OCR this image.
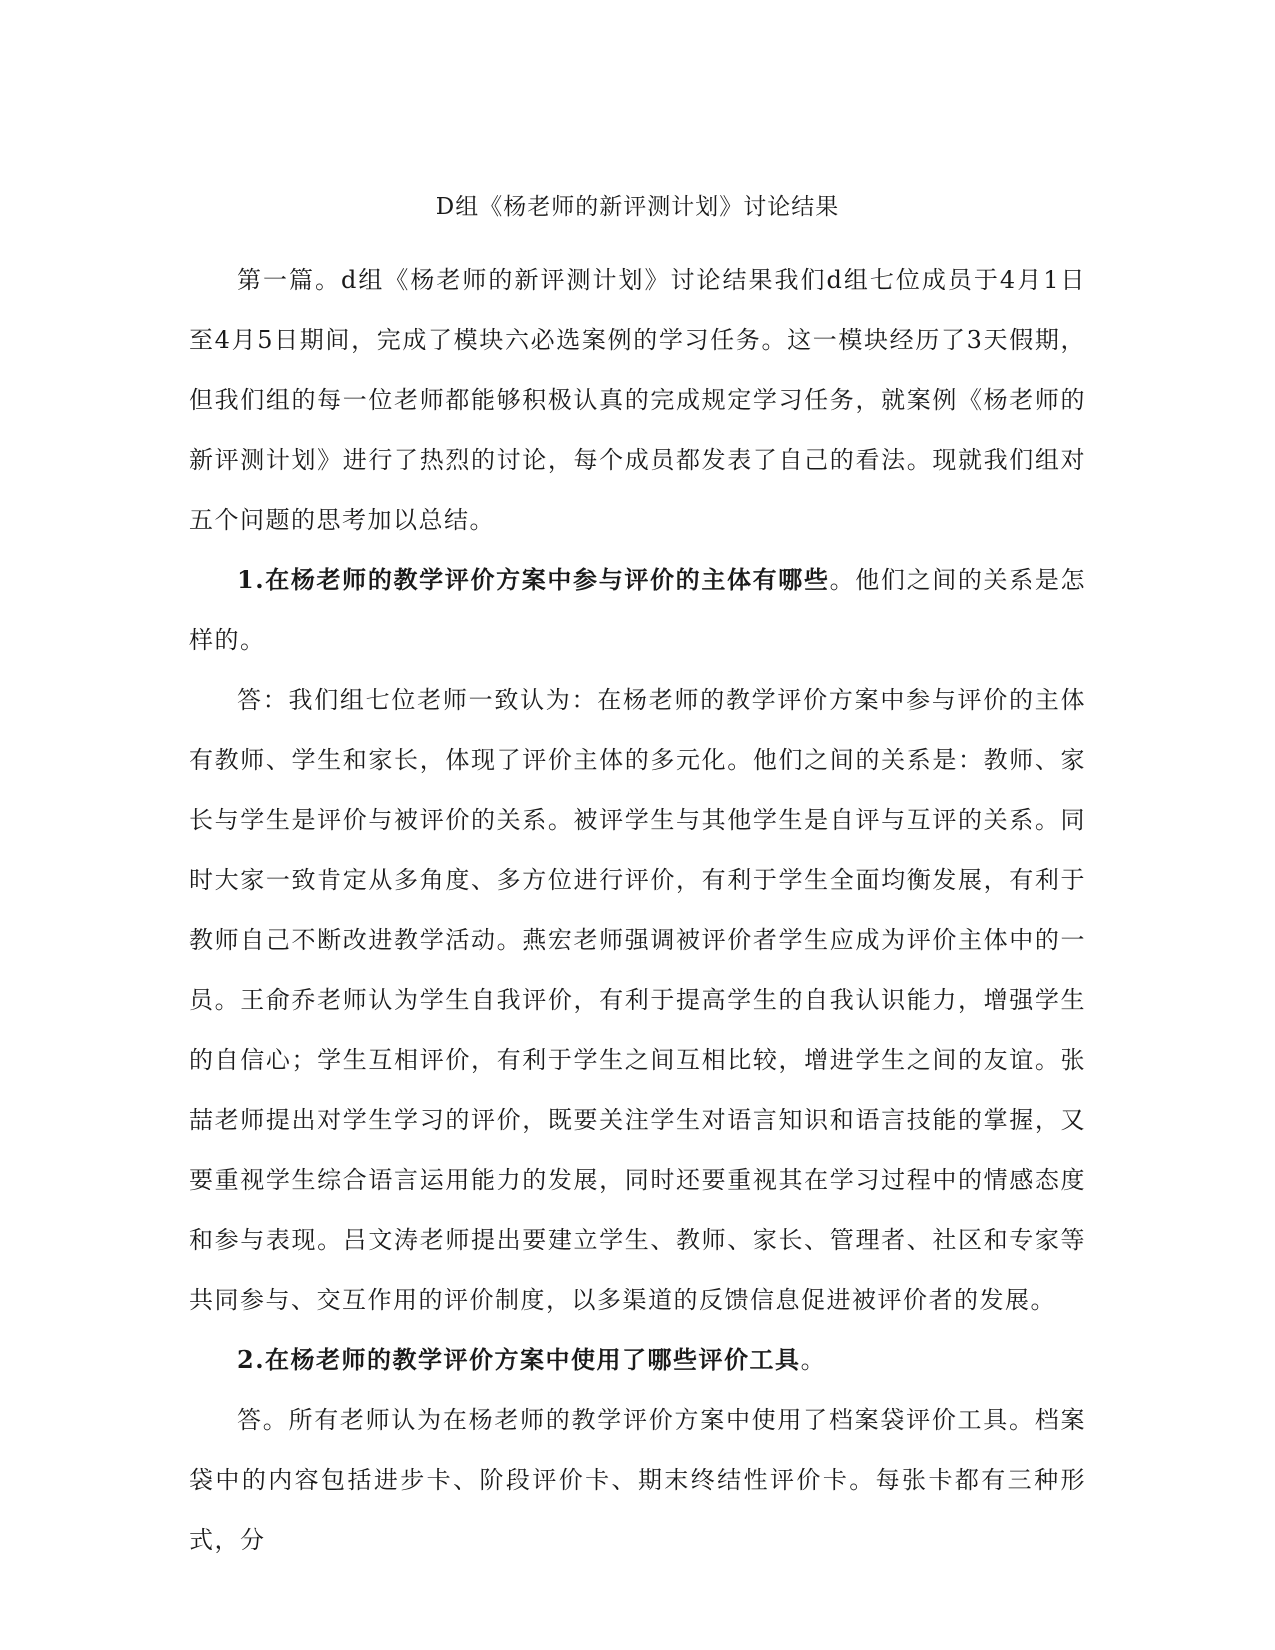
D组《杨老师的新评测计划》讨论结果

第一篇。d组《杨老师的新评测计划》讨论结果我们d组七位成员于4月1日至4月5日期间，完成了模块六必选案例的学习任务。这一模块经历了3天假期，但我们组的每一位老师都能够积极认真的完成规定学习任务，就案例《杨老师的新评测计划》进行了热烈的讨论，每个成员都发表了自己的看法。现就我们组对五个问题的思考加以总结。

1.在杨老师的教学评价方案中参与评价的主体有哪些。他们之间的关系是怎样的。

答：我们组七位老师一致认为：在杨老师的教学评价方案中参与评价的主体有教师、学生和家长，体现了评价主体的多元化。他们之间的关系是：教师、家长与学生是评价与被评价的关系。被评学生与其他学生是自评与互评的关系。同时大家一致肯定从多角度、多方位进行评价，有利于学生全面均衡发展，有利于教师自己不断改进教学活动。燕宏老师强调被评价者学生应成为评价主体中的一员。王俞乔老师认为学生自我评价，有利于提高学生的自我认识能力，增强学生的自信心；学生互相评价，有利于学生之间互相比较，增进学生之间的友谊。张喆老师提出对学生学习的评价，既要关注学生对语言知识和语言技能的掌握，又要重视学生综合语言运用能力的发展，同时还要重视其在学习过程中的情感态度和参与表现。吕文涛老师提出要建立学生、教师、家长、管理者、社区和专家等共同参与、交互作用的评价制度，以多渠道的反馈信息促进被评价者的发展。

2.在杨老师的教学评价方案中使用了哪些评价工具。

答。所有老师认为在杨老师的教学评价方案中使用了档案袋评价工具。档案袋中的内容包括进步卡、阶段评价卡、期末终结性评价卡。每张卡都有三种形式，分
